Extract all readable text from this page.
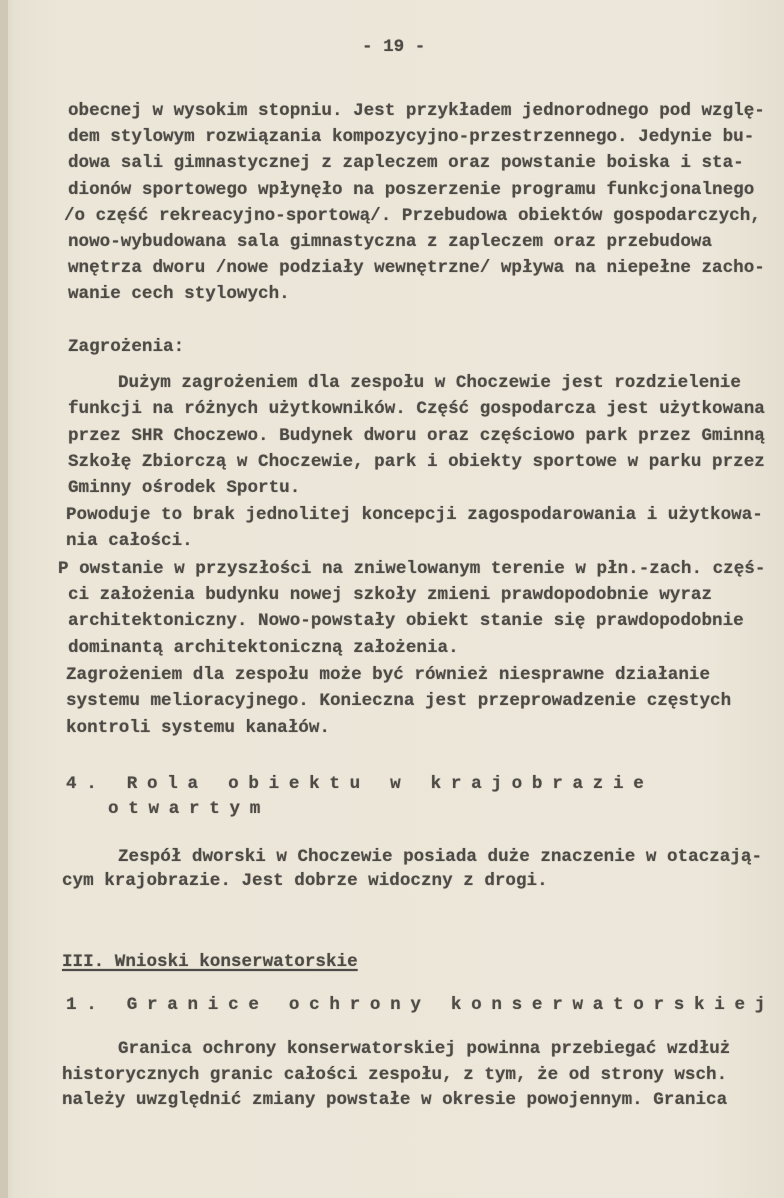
- 19 -
obecnej w wysokim stopniu. Jest przykładem jednorodnego pod wzglę-
dem stylowym rozwiązania kompozycyjno-przestrzennego. Jedynie bu-
dowa sali gimnastycznej z zapleczem oraz powstanie boiska i sta-
dionów sportowego wpłynęło na poszerzenie programu funkcjonalnego
/o część rekreacyjno-sportową/. Przebudowa obiektów gospodarczych,
nowo-wybudowana sala gimnastyczna z zapleczem oraz przebudowa
wnętrza dworu /nowe podziały wewnętrzne/ wpływa na niepełne zacho-
wanie cech stylowych.
Zagrożenia:
Dużym zagrożeniem dla zespołu w Choczewie jest rozdzielenie
funkcji na różnych użytkowników. Część gospodarcza jest użytkowana
przez SHR Choczewo. Budynek dworu oraz częściowo park przez Gminną
Szkołę Zbiorczą w Choczewie, park i obiekty sportowe w parku przez
Gminny ośrodek Sportu.
Powoduje to brak jednolitej koncepcji zagospodarowania i użytkowa-
nia całości.
P owstanie w przyszłości na zniwelowanym terenie w płn.-zach. częś-
ci założenia budynku nowej szkoły zmieni prawdopodobnie wyraz
architektoniczny. Nowo-powstały obiekt stanie się prawdopodobnie
dominantą architektoniczną założenia.
Zagrożeniem dla zespołu może być również niesprawne działanie
systemu melioracyjnego. Konieczna jest przeprowadzenie częstych
kontroli systemu kanałów.
4. Rola obiektu w krajobrazie
otwartym
Zespół dworski w Choczewie posiada duże znaczenie w otaczają-
cym krajobrazie. Jest dobrze widoczny z drogi.
III. Wnioski konserwatorskie
1. Granice ochrony konserwatorskiej
Granica ochrony konserwatorskiej powinna przebiegać wzdłuż
historycznych granic całości zespołu, z tym, że od strony wsch.
należy uwzględnić zmiany powstałe w okresie powojennym. Granica
